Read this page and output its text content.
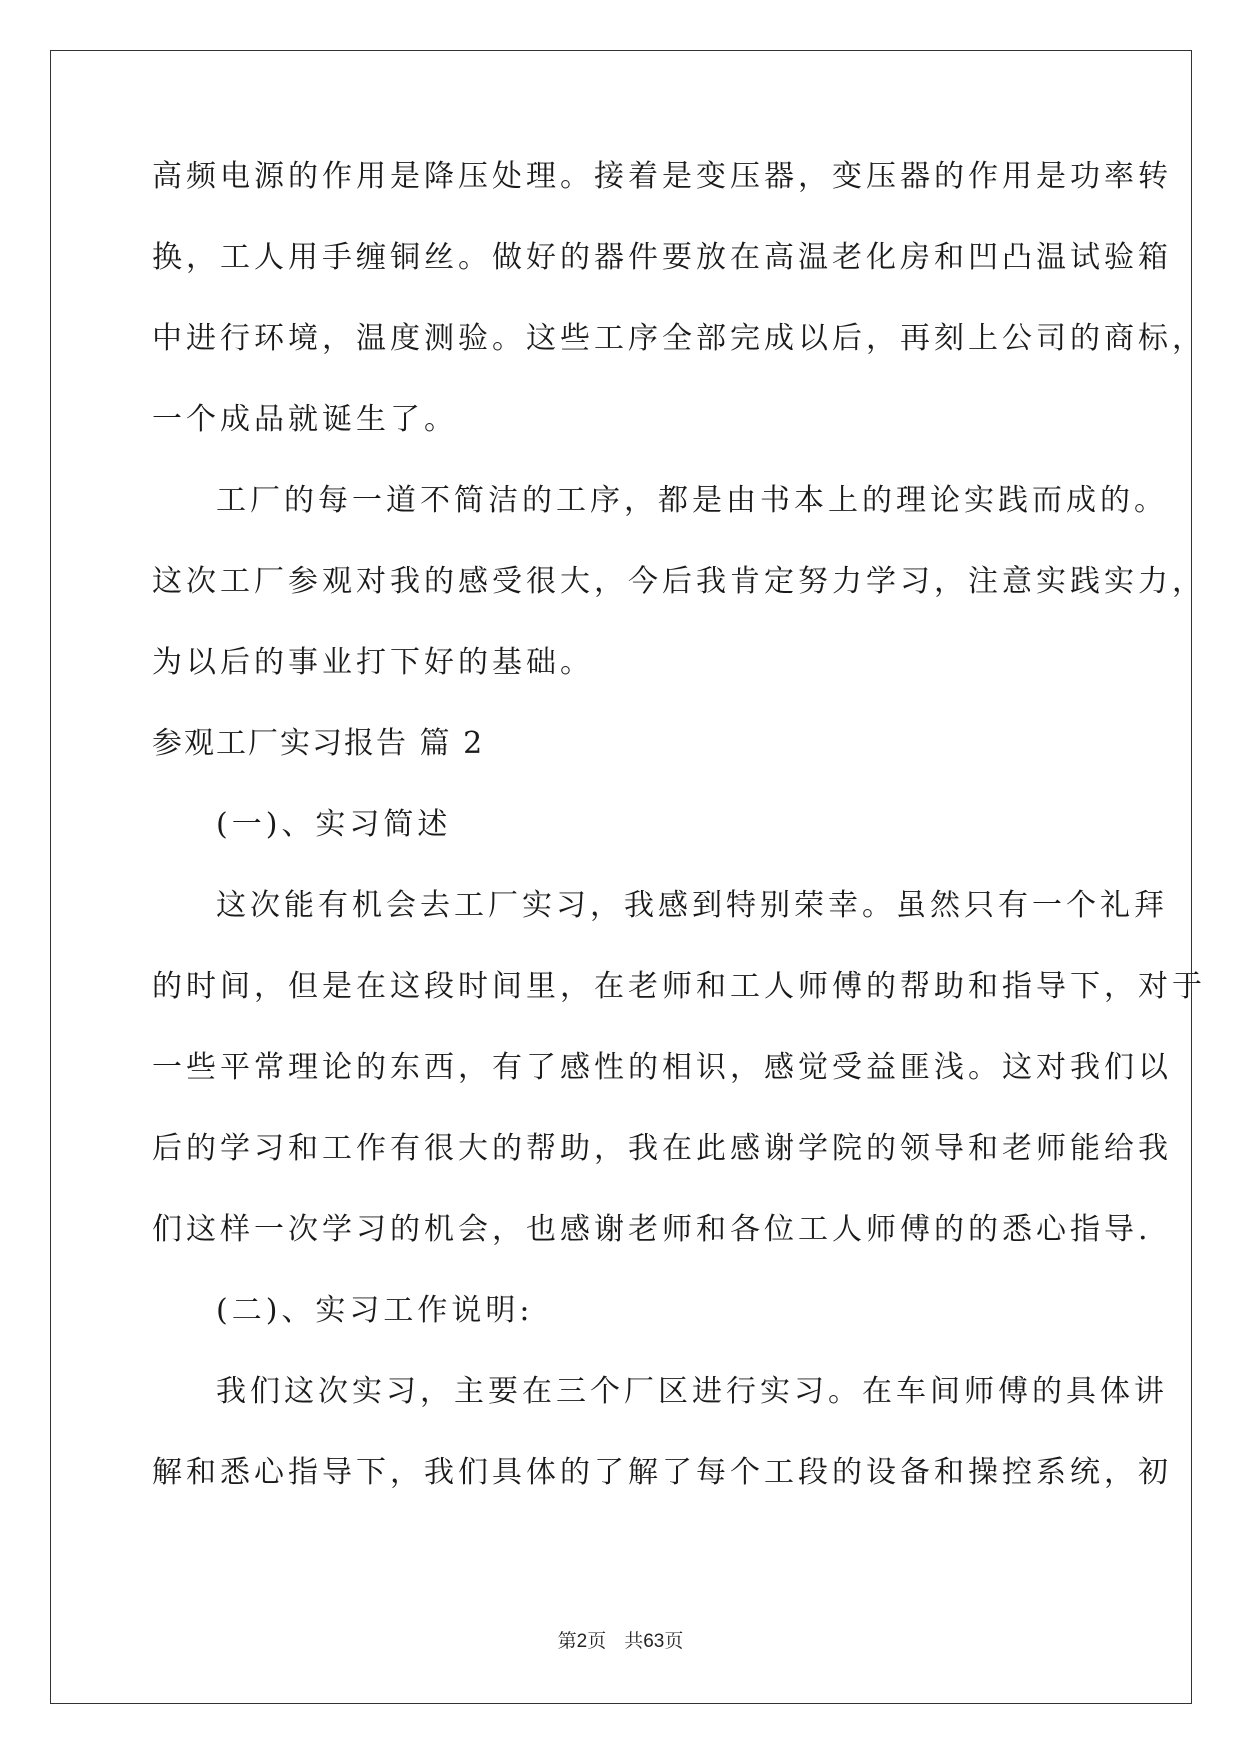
高频电源的作用是降压处理。接着是变压器，变压器的作用是功率转
换，工人用手缠铜丝。做好的器件要放在高温老化房和凹凸温试验箱
中进行环境，温度测验。这些工序全部完成以后，再刻上公司的商标，
一个成品就诞生了。
工厂的每一道不简洁的工序，都是由书本上的理论实践而成的。
这次工厂参观对我的感受很大，今后我肯定努力学习，注意实践实力，
为以后的事业打下好的基础。
参观工厂实习报告 篇 2
(一)、实习简述
这次能有机会去工厂实习，我感到特别荣幸。虽然只有一个礼拜
的时间，但是在这段时间里，在老师和工人师傅的帮助和指导下，对于
一些平常理论的东西，有了感性的相识，感觉受益匪浅。这对我们以
后的学习和工作有很大的帮助，我在此感谢学院的领导和老师能给我
们这样一次学习的机会，也感谢老师和各位工人师傅的的悉心指导.
(二)、实习工作说明:
我们这次实习，主要在三个厂区进行实习。在车间师傅的具体讲
解和悉心指导下，我们具体的了解了每个工段的设备和操控系统，初
第2页 共63页
